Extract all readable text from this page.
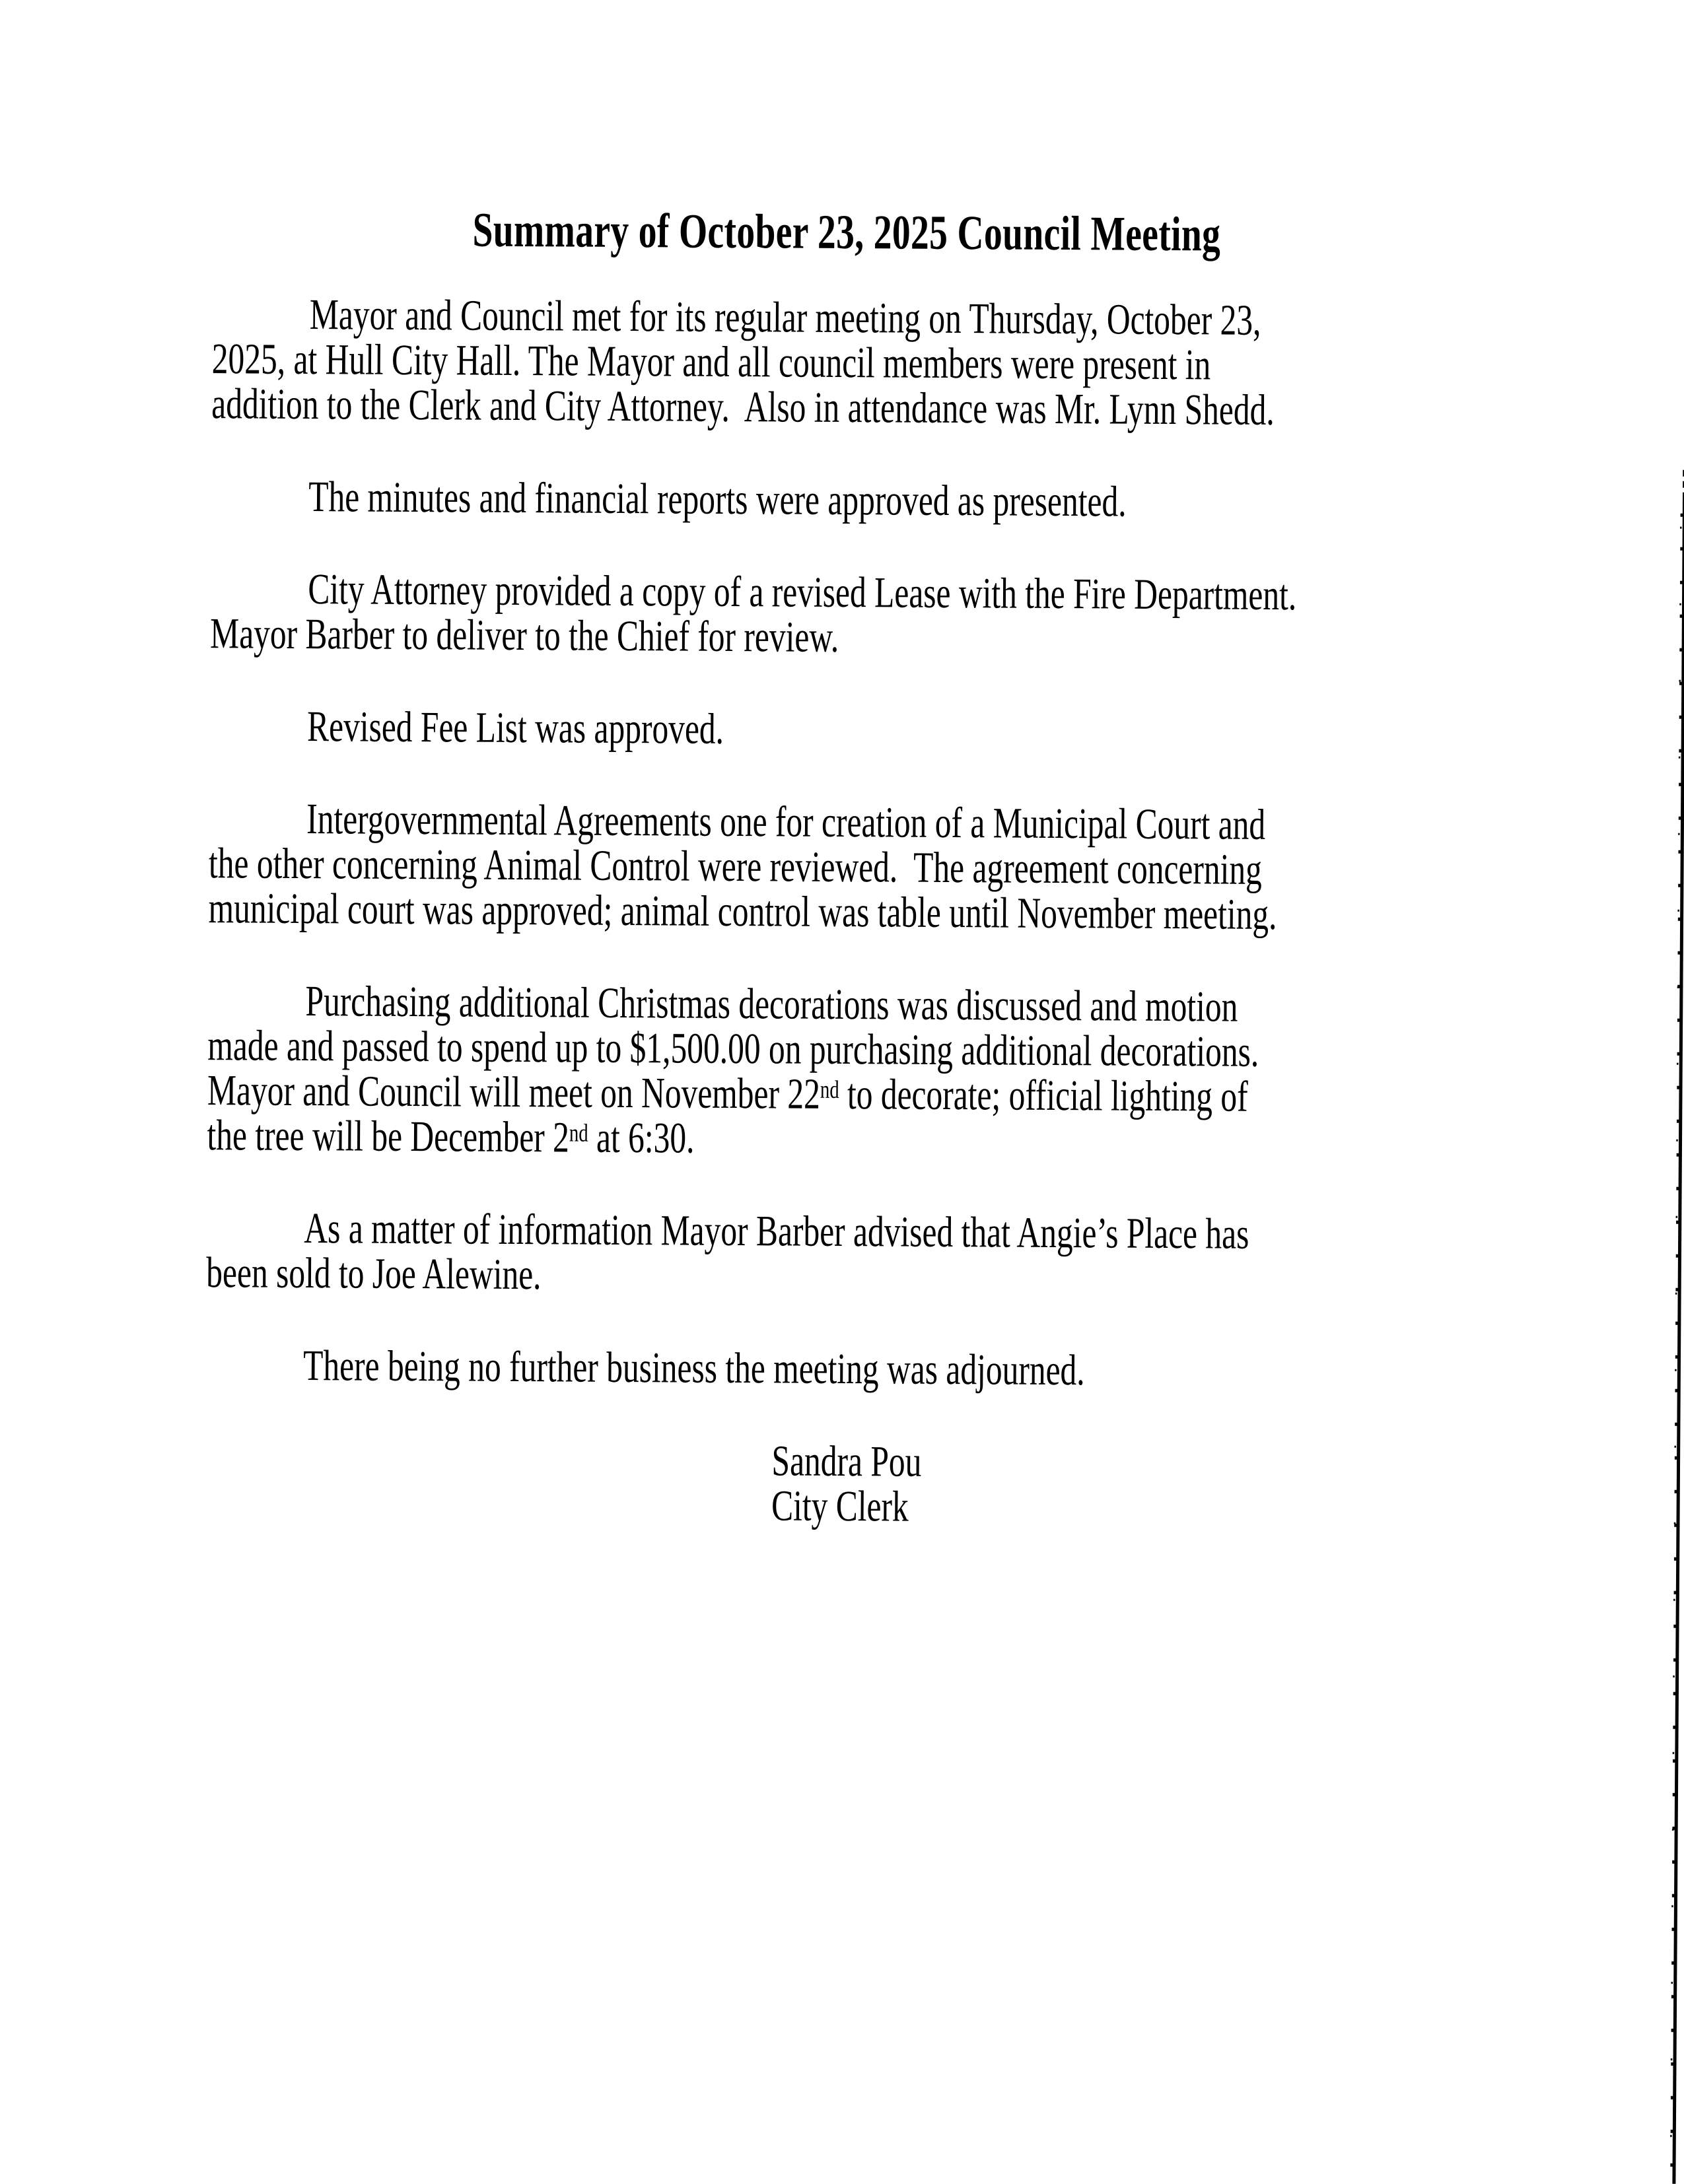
Summary of October 23, 2025 Council Meeting

Mayor and Council met for its regular meeting on Thursday, October 23,
2025, at Hull City Hall. The Mayor and all council members were present in
addition to the Clerk and City Attorney.  Also in attendance was Mr. Lynn Shedd.

The minutes and financial reports were approved as presented.

City Attorney provided a copy of a revised Lease with the Fire Department.
Mayor Barber to deliver to the Chief for review.

Revised Fee List was approved.

Intergovernmental Agreements one for creation of a Municipal Court and
the other concerning Animal Control were reviewed.  The agreement concerning
municipal court was approved; animal control was table until November meeting.

Purchasing additional Christmas decorations was discussed and motion
made and passed to spend up to $1,500.00 on purchasing additional decorations.
Mayor and Council will meet on November 22nd to decorate; official lighting of
the tree will be December 2nd at 6:30.

As a matter of information Mayor Barber advised that Angie’s Place has
been sold to Joe Alewine.

There being no further business the meeting was adjourned.

Sandra Pou
City Clerk
